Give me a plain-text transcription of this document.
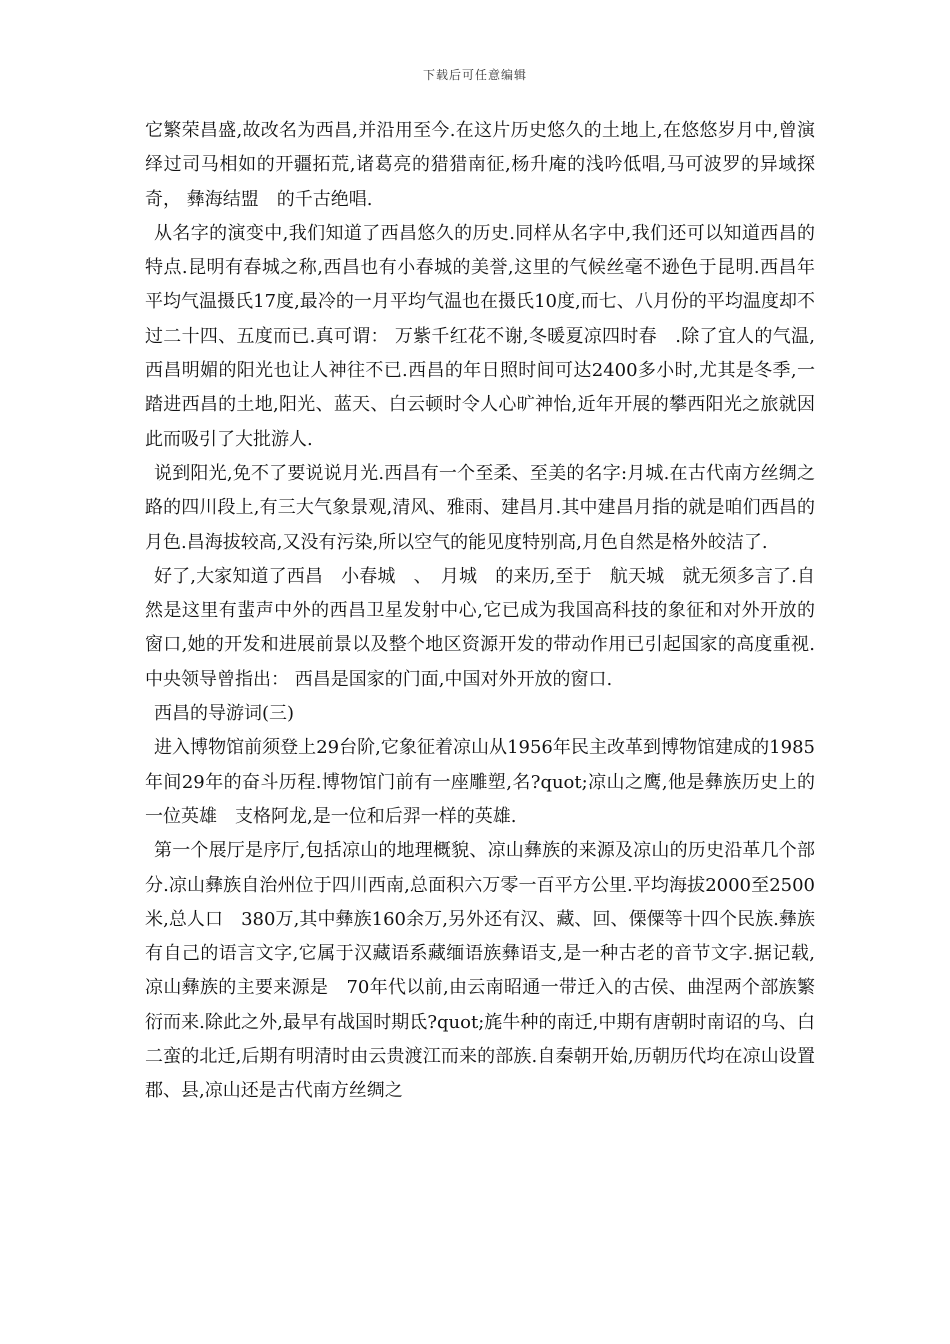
下载后可任意编辑

它繁荣昌盛,故改名为西昌,并沿用至今.在这片历史悠久的土地上,在悠悠岁月中,曾演绎过司马相如的开疆拓荒,诸葛亮的猎猎南征,杨升庵的浅吟低唱,马可波罗的异域探奇， 彝海结盟　的千古绝唱.

从名字的演变中,我们知道了西昌悠久的历史.同样从名字中,我们还可以知道西昌的特点.昆明有春城之称,西昌也有小春城的美誉,这里的气候丝毫不逊色于昆明.西昌年平均气温摄氏17度,最冷的一月平均气温也在摄氏10度,而七、八月份的平均温度却不过二十四、五度而已.真可谓： 万紫千红花不谢,冬暖夏凉四时春　.除了宜人的气温,西昌明媚的阳光也让人神往不已.西昌的年日照时间可达2400多小时,尤其是冬季,一踏进西昌的土地,阳光、蓝天、白云顿时令人心旷神怡,近年开展的攀西阳光之旅就因此而吸引了大批游人.

说到阳光,免不了要说说月光.西昌有一个至柔、至美的名字:月城.在古代南方丝绸之路的四川段上,有三大气象景观,清风、雅雨、建昌月.其中建昌月指的就是咱们西昌的月色.昌海拔较高,又没有污染,所以空气的能见度特别高,月色自然是格外皎洁了.

好了,大家知道了西昌　小春城　、　月城　的来历,至于　航天城　就无须多言了.自然是这里有蜚声中外的西昌卫星发射中心,它已成为我国高科技的象征和对外开放的窗口,她的开发和进展前景以及整个地区资源开发的带动作用已引起国家的高度重视.中央领导曾指出： 西昌是国家的门面,中国对外开放的窗口.

西昌的导游词(三)

进入博物馆前须登上29台阶,它象征着凉山从1956年民主改革到博物馆建成的1985年间29年的奋斗历程.博物馆门前有一座雕塑,名?quot;凉山之鹰,他是彝族历史上的一位英雄　支格阿龙,是一位和后羿一样的英雄.

第一个展厅是序厅,包括凉山的地理概貌、凉山彝族的来源及凉山的历史沿革几个部分.凉山彝族自治州位于四川西南,总面积六万零一百平方公里.平均海拔2000至2500米,总人口　380万,其中彝族160余万,另外还有汉、藏、回、傈僳等十四个民族.彝族有自己的语言文字,它属于汉藏语系藏缅语族彝语支,是一种古老的音节文字.据记载,凉山彝族的主要来源是　70年代以前,由云南昭通一带迁入的古侯、曲涅两个部族繁衍而来.除此之外,最早有战国时期氐?quot;旄牛种的南迁,中期有唐朝时南诏的乌、白二蛮的北迁,后期有明清时由云贵渡江而来的部族.自秦朝开始,历朝历代均在凉山设置郡、县,凉山还是古代南方丝绸之
